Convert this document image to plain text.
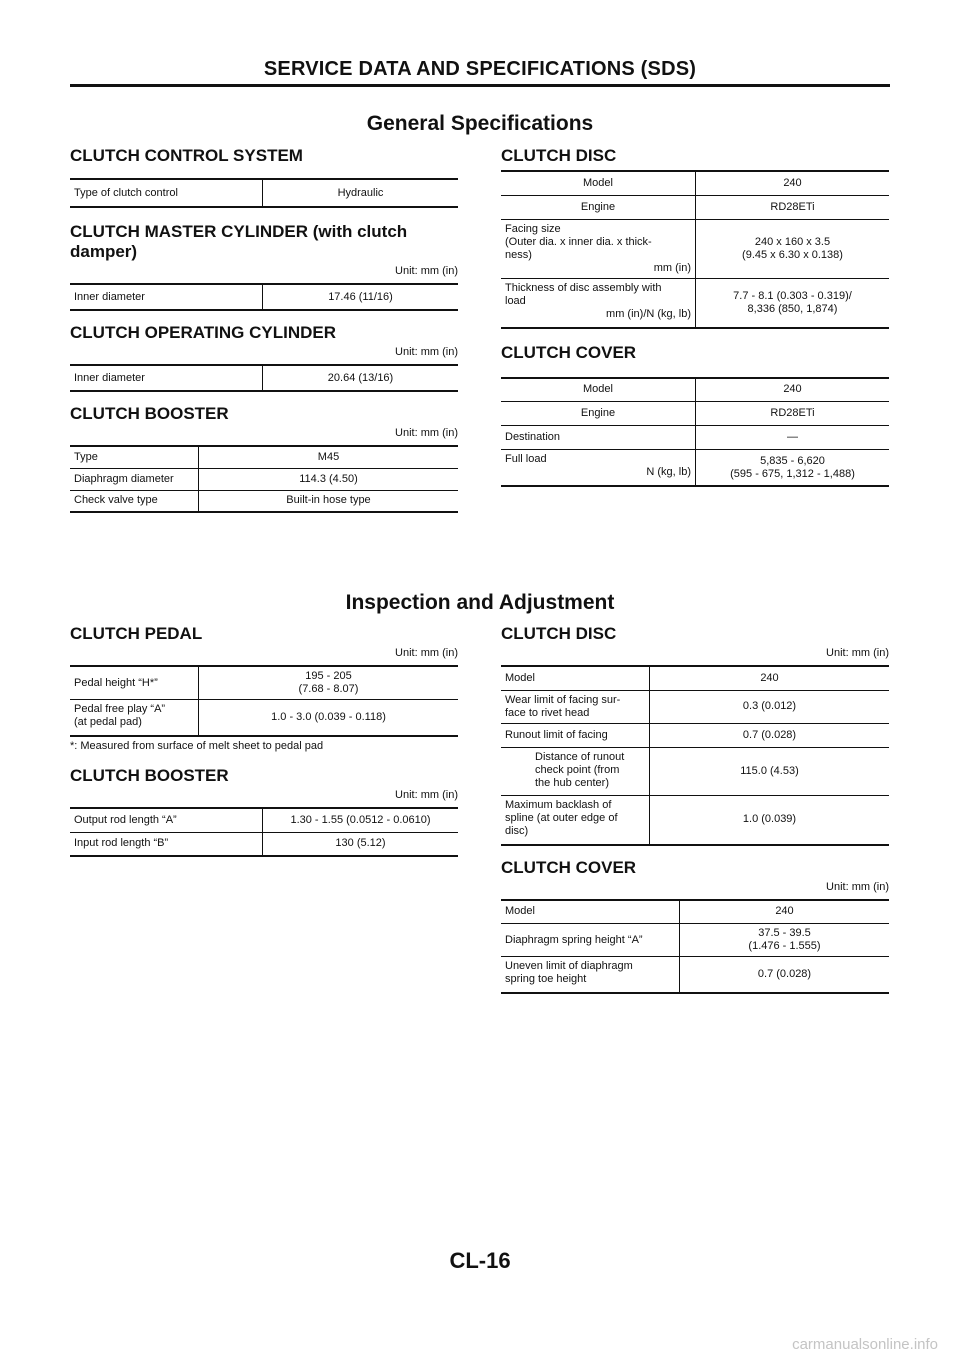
SERVICE DATA AND SPECIFICATIONS (SDS)
General Specifications
CLUTCH CONTROL SYSTEM
Type of clutch control	Hydraulic
CLUTCH MASTER CYLINDER (with clutch
damper)
Unit: mm (in)
Inner diameter	17.46 (11/16)
CLUTCH OPERATING CYLINDER
Unit: mm (in)
Inner diameter	20.64 (13/16)
CLUTCH BOOSTER
Unit: mm (in)
Type	M45
Diaphragm diameter	114.3 (4.50)
Check valve type	Built-in hose type
CLUTCH DISC
Model	240
Engine	RD28ETi
Facing size
(Outer dia. x inner dia. x thick-
ness)
mm (in)	240 x 160 x 3.5
(9.45 x 6.30 x 0.138)
Thickness of disc assembly with
load
mm (in)/N (kg, lb)	7.7 - 8.1 (0.303 - 0.319)/
8,336 (850, 1,874)
CLUTCH COVER
Model	240
Engine	RD28ETi
Destination	—
Full load
N (kg, lb)	5,835 - 6,620
(595 - 675, 1,312 - 1,488)
Inspection and Adjustment
CLUTCH PEDAL
Unit: mm (in)
Pedal height “H*”	195 - 205
(7.68 - 8.07)
Pedal free play “A”
(at pedal pad)	1.0 - 3.0 (0.039 - 0.118)
*: Measured from surface of melt sheet to pedal pad
CLUTCH BOOSTER
Unit: mm (in)
Output rod length “A”	1.30 - 1.55 (0.0512 - 0.0610)
Input rod length “B”	130 (5.12)
CLUTCH DISC
Unit: mm (in)
Model	240
Wear limit of facing sur-
face to rivet head	0.3 (0.012)
Runout limit of facing	0.7 (0.028)
Distance of runout
check point (from
the hub center)	115.0 (4.53)
Maximum backlash of
spline (at outer edge of
disc)	1.0 (0.039)
CLUTCH COVER
Unit: mm (in)
Model	240
Diaphragm spring height “A”	37.5 - 39.5
(1.476 - 1.555)
Uneven limit of diaphragm
spring toe height	0.7 (0.028)
CL-16
carmanualsonline.info
